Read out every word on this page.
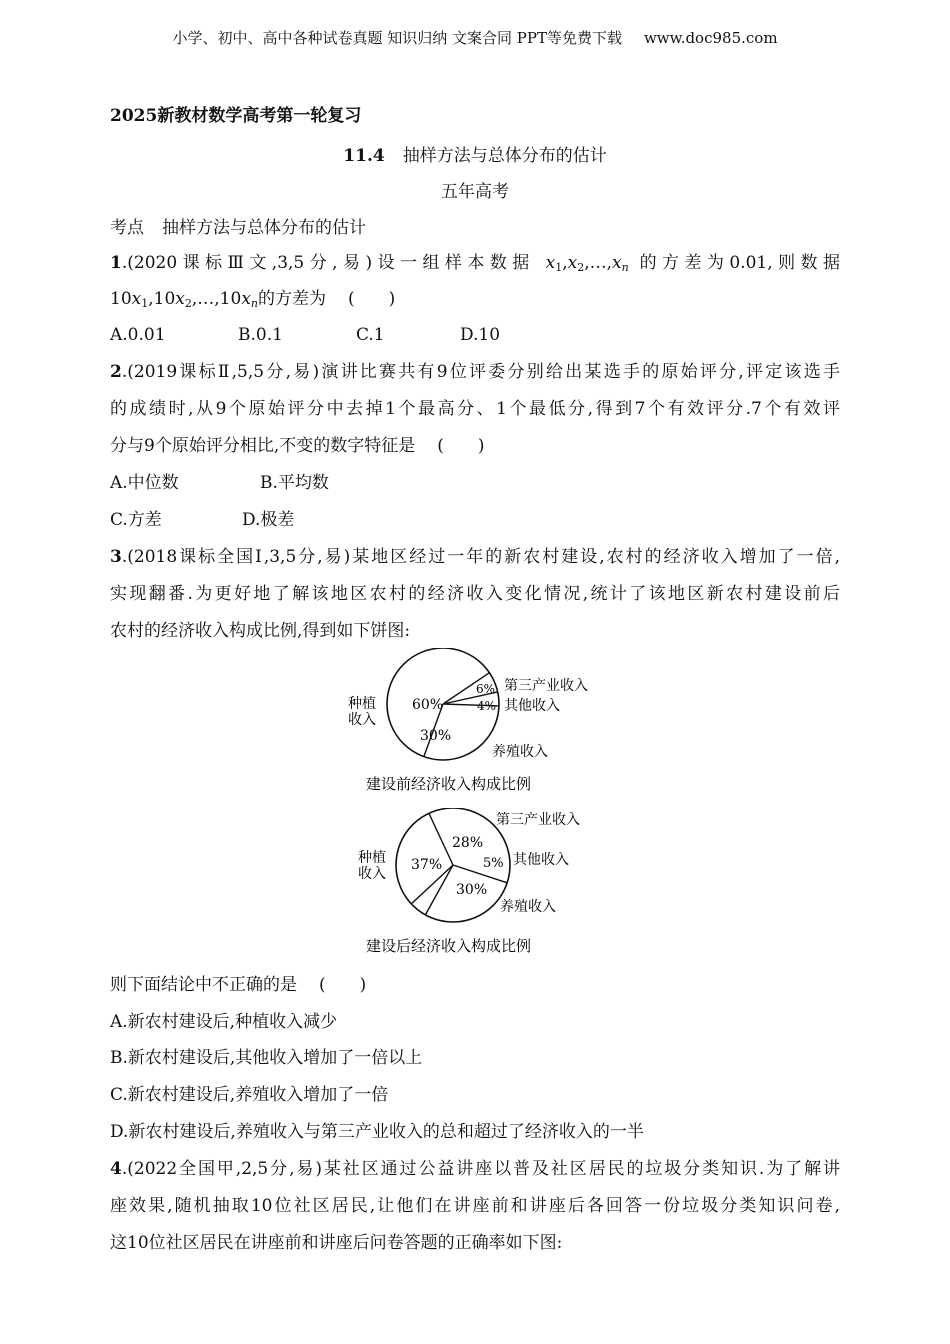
小学、初中、高中各种试卷真题 知识归纳 文案合同 PPT等免费下载 www.doc985.com
2025新教材数学高考第一轮复习
11.4 抽样方法与总体分布的估计
五年高考
考点 抽样方法与总体分布的估计
1.(2020课标Ⅲ文,3,5分,易)设一组样本数据 $x_1,x_2,\dots,x_n$ 的方差为0.01,则数据
$10x_1,10x_2,\dots,10x_n$的方差为 (　　)
A.0.01	B.0.1	C.1	D.10
2.(2019课标Ⅱ,5,5分,易)演讲比赛共有9位评委分别给出某选手的原始评分,评定该选手
的成绩时,从9个原始评分中去掉1个最高分、1个最低分,得到7个有效评分.7个有效评
分与9个原始评分相比,不变的数字特征是 (　　)
A.中位数	B.平均数
C.方差	D.极差
3.(2018课标全国Ⅰ,3,5分,易)某地区经过一年的新农村建设,农村的经济收入增加了一倍,
实现翻番.为更好地了解该地区农村的经济收入变化情况,统计了该地区新农村建设前后
农村的经济收入构成比例,得到如下饼图:
种植
收入
60%
6%
4%
30%
第三产业收入
其他收入
养殖收入
建设前经济收入构成比例
种植
收入
37%
28%
5%
30%
第三产业收入
其他收入
养殖收入
建设后经济收入构成比例
则下面结论中不正确的是 (　　)
A.新农村建设后,种植收入减少
B.新农村建设后,其他收入增加了一倍以上
C.新农村建设后,养殖收入增加了一倍
D.新农村建设后,养殖收入与第三产业收入的总和超过了经济收入的一半
4.(2022全国甲,2,5分,易)某社区通过公益讲座以普及社区居民的垃圾分类知识.为了解讲
座效果,随机抽取10位社区居民,让他们在讲座前和讲座后各回答一份垃圾分类知识问卷,
这10位社区居民在讲座前和讲座后问卷答题的正确率如下图:
